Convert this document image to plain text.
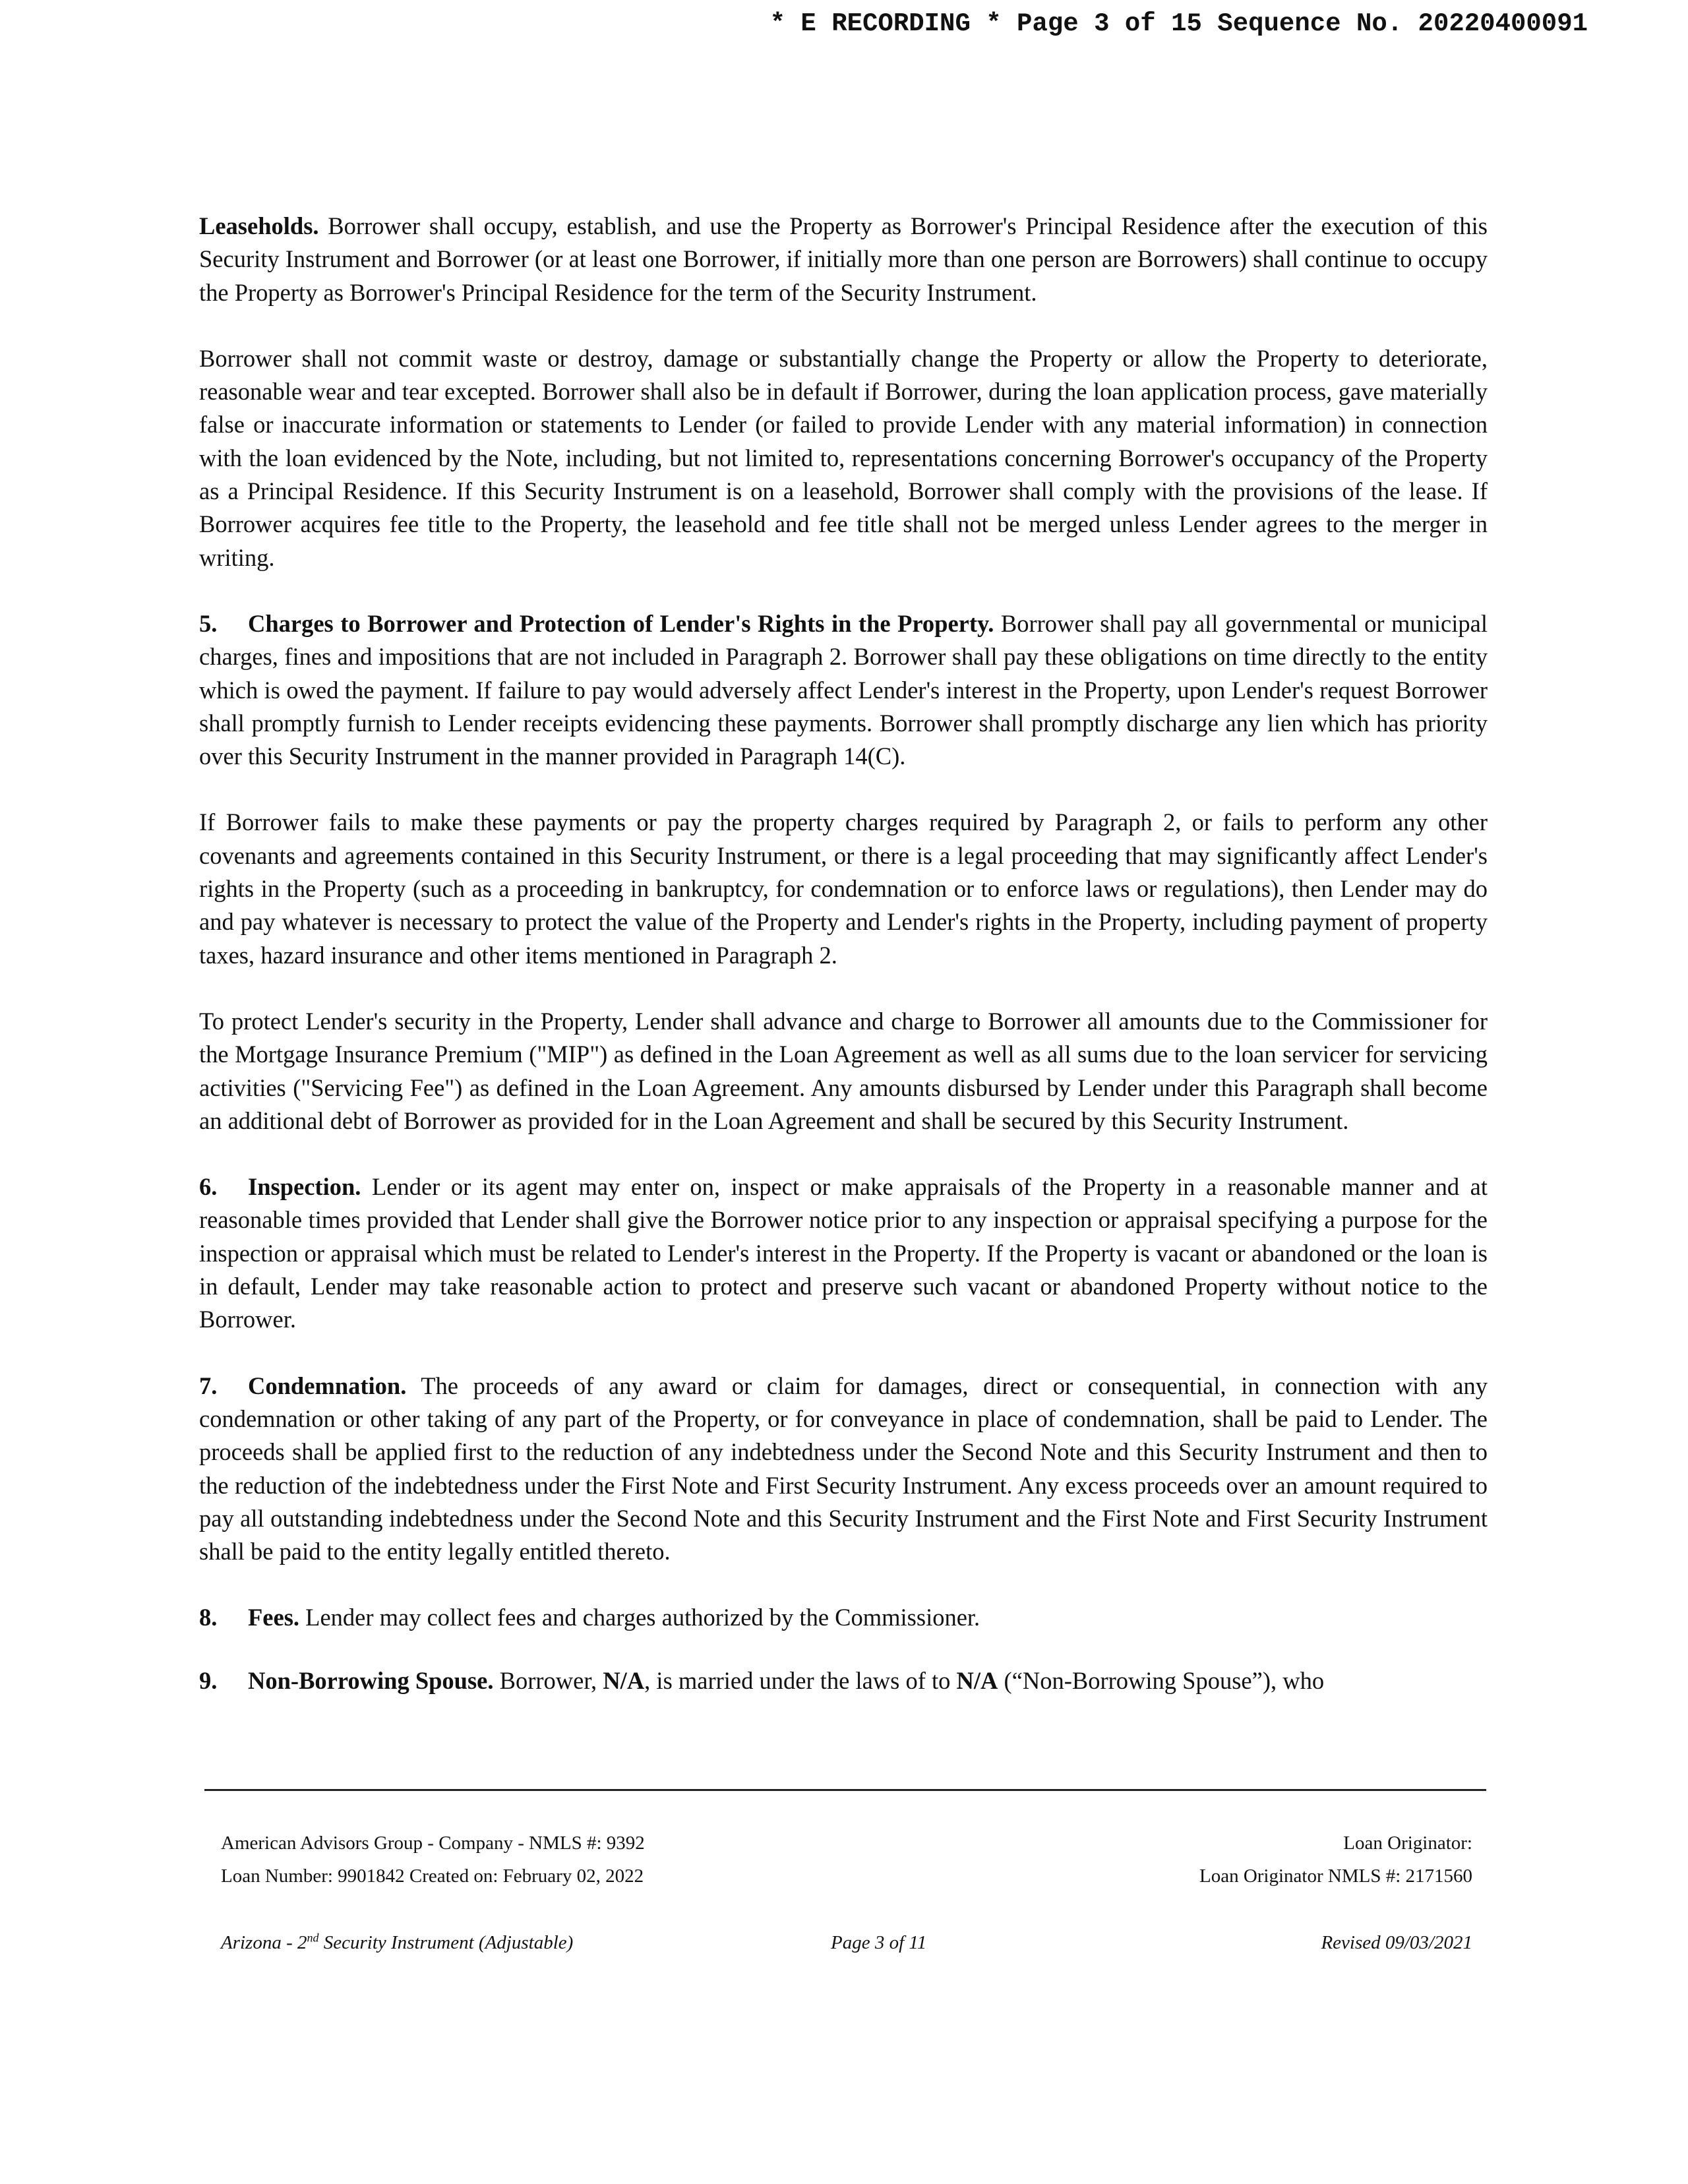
* E RECORDING * Page 3 of 15 Sequence No. 20220400091

Leaseholds. Borrower shall occupy, establish, and use the Property as Borrower's Principal Residence after the execution of this Security Instrument and Borrower (or at least one Borrower, if initially more than one person are Borrowers) shall continue to occupy the Property as Borrower's Principal Residence for the term of the Security Instrument.

Borrower shall not commit waste or destroy, damage or substantially change the Property or allow the Property to deteriorate, reasonable wear and tear excepted. Borrower shall also be in default if Borrower, during the loan application process, gave materially false or inaccurate information or statements to Lender (or failed to provide Lender with any material information) in connection with the loan evidenced by the Note, including, but not limited to, representations concerning Borrower's occupancy of the Property as a Principal Residence. If this Security Instrument is on a leasehold, Borrower shall comply with the provisions of the lease. If Borrower acquires fee title to the Property, the leasehold and fee title shall not be merged unless Lender agrees to the merger in writing.

5. Charges to Borrower and Protection of Lender's Rights in the Property. Borrower shall pay all governmental or municipal charges, fines and impositions that are not included in Paragraph 2. Borrower shall pay these obligations on time directly to the entity which is owed the payment. If failure to pay would adversely affect Lender's interest in the Property, upon Lender's request Borrower shall promptly furnish to Lender receipts evidencing these payments. Borrower shall promptly discharge any lien which has priority over this Security Instrument in the manner provided in Paragraph 14(C).

If Borrower fails to make these payments or pay the property charges required by Paragraph 2, or fails to perform any other covenants and agreements contained in this Security Instrument, or there is a legal proceeding that may significantly affect Lender's rights in the Property (such as a proceeding in bankruptcy, for condemnation or to enforce laws or regulations), then Lender may do and pay whatever is necessary to protect the value of the Property and Lender's rights in the Property, including payment of property taxes, hazard insurance and other items mentioned in Paragraph 2.

To protect Lender's security in the Property, Lender shall advance and charge to Borrower all amounts due to the Commissioner for the Mortgage Insurance Premium ("MIP") as defined in the Loan Agreement as well as all sums due to the loan servicer for servicing activities ("Servicing Fee") as defined in the Loan Agreement. Any amounts disbursed by Lender under this Paragraph shall become an additional debt of Borrower as provided for in the Loan Agreement and shall be secured by this Security Instrument.

6. Inspection. Lender or its agent may enter on, inspect or make appraisals of the Property in a reasonable manner and at reasonable times provided that Lender shall give the Borrower notice prior to any inspection or appraisal specifying a purpose for the inspection or appraisal which must be related to Lender's interest in the Property. If the Property is vacant or abandoned or the loan is in default, Lender may take reasonable action to protect and preserve such vacant or abandoned Property without notice to the Borrower.

7. Condemnation. The proceeds of any award or claim for damages, direct or consequential, in connection with any condemnation or other taking of any part of the Property, or for conveyance in place of condemnation, shall be paid to Lender. The proceeds shall be applied first to the reduction of any indebtedness under the Second Note and this Security Instrument and then to the reduction of the indebtedness under the First Note and First Security Instrument. Any excess proceeds over an amount required to pay all outstanding indebtedness under the Second Note and this Security Instrument and the First Note and First Security Instrument shall be paid to the entity legally entitled thereto.

8. Fees. Lender may collect fees and charges authorized by the Commissioner.

9. Non-Borrowing Spouse. Borrower, N/A, is married under the laws of to N/A (“Non-Borrowing Spouse”), who

American Advisors Group - Company - NMLS #: 9392	Loan Originator:
Loan Number: 9901842 Created on: February 02, 2022	Loan Originator NMLS #: 2171560
Arizona - 2nd Security Instrument (Adjustable)	Page 3 of 11	Revised 09/03/2021
